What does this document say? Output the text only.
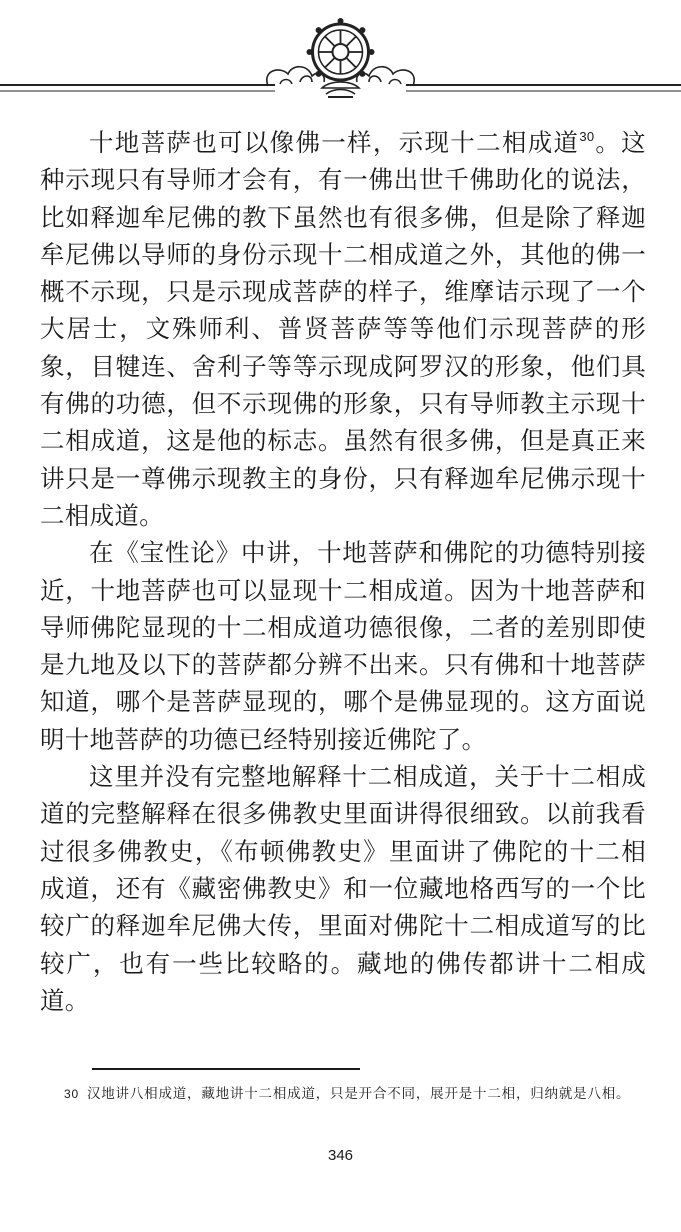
十地菩萨也可以像佛一样，示现十二相成道$^{30}$。这种示现只有导师才会有，有一佛出世千佛助化的说法，比如释迦牟尼佛的教下虽然也有很多佛，但是除了释迦牟尼佛以导师的身份示现十二相成道之外，其他的佛一概不示现，只是示现成菩萨的样子，维摩诘示现了一个大居士，文殊师利、普贤菩萨等等他们示现菩萨的形象，目犍连、舍利子等等示现成阿罗汉的形象，他们具有佛的功德，但不示现佛的形象，只有导师教主示现十二相成道，这是他的标志。虽然有很多佛，但是真正来讲只是一尊佛示现教主的身份，只有释迦牟尼佛示现十二相成道。

在《宝性论》中讲，十地菩萨和佛陀的功德特别接近，十地菩萨也可以显现十二相成道。因为十地菩萨和导师佛陀显现的十二相成道功德很像，二者的差别即使是九地及以下的菩萨都分辨不出来。只有佛和十地菩萨知道，哪个是菩萨显现的，哪个是佛显现的。这方面说明十地菩萨的功德已经特别接近佛陀了。

这里并没有完整地解释十二相成道，关于十二相成道的完整解释在很多佛教史里面讲得很细致。以前我看过很多佛教史，《布顿佛教史》里面讲了佛陀的十二相成道，还有《藏密佛教史》和一位藏地格西写的一个比较广的释迦牟尼佛大传，里面对佛陀十二相成道写的比较广，也有一些比较略的。藏地的佛传都讲十二相成道。

30 汉地讲八相成道，藏地讲十二相成道，只是开合不同，展开是十二相，归纳就是八相。
346
